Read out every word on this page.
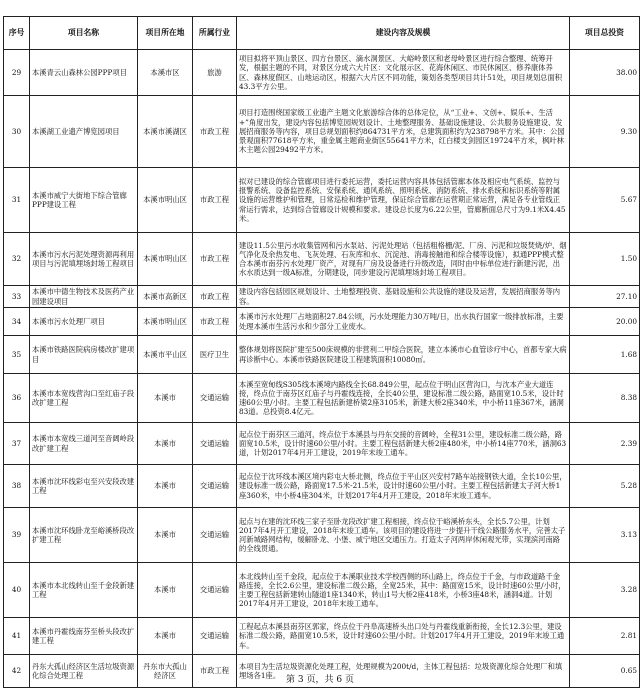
序号	项目名称	项目所在地	所属行业	建设内容及规模	项目总投资
29	本溪青云山森林公园PPP项目	本溪市区	旅游	项目拟将平顶山景区、四方台景区、滴水洞景区、大峪岭景区和老母岭景区进行综合整理、统筹开发，根据主题的不同，对景区分成六大片区：文化展示区、花海休闲区、市民休闲区、修养康体养区、森林度假区、山地运动区，根据六大片区不同功能，策划各类型项目共计51处，项目规划总面积43.3平方公里。	38.00
30	本溪湖工业遗产博览园项目	本溪市溪湖区	市政工程	项目打造围绕国家级工业遗产主题文化旅游综合体的总体定位，从“工业+、文创+、娱乐+、生活+”角度出发，建设内容包括博览园规划设计、土地整理服务、基础设施建设、公共服务设施建设、发展招商服务等内容，项目总规划面积约864731平方米，总建筑面积约为238798平方米。其中：公园景观面积77618平方米，重金属主题商业街区55641平方米，红白楼支剑园区19724平方米，枫叶林木主题公园29492平方米。	9.30
31	本溪市威宁大街地下综合管廊PPP建设工程	本溪市明山区	市政工程	拟对已建设的综合管廊项目进行委托运营，委托运营内容具体包括管廊本体及相应电气系统、监控与报警系统、设备监控系统、安保系统、通风系统、照明系统、消防系统、排水系统和标识系统等附属设施的运营维护和管理，日常巡检和维护管理，保证综合管廊在运营期正常运营，满足各专业管线正常运行需求，达到综合管廊设计规模和要求。建设总长度为6.22公里，管廊断面总尺寸为9.1米X4.45米。	5.67
32	本溪市污水污泥处理资源再利用项目与污泥填埋场封场工程项目	本溪市明山区	市政工程	建设11.5公里污水收集管网和污水泵站、污泥处理站（包括粗格栅/泥、厂房、污泥和垃圾焚烧/炉、烟气净化及余热发电、飞灰处理、石灰库和水、沉淀池、消毒接触池和综合楼等设施），拟通PPP模式整合本溪市南芬污水处理厂资产，对现有厂房及设备进行升级改造，同时由中标单位进行新建污泥，出水水质达到一级A标准，分期建设，同步建设污泥填埋场封场工程项目。	1.50
33	本溪市中德生物技术及医药产业园建设项目	本溪市高新区	市政工程	建设内容包括园区规划设计、土地整理投资、基础设施和公共设施的建设及运营，发展招商服务等内容。	27.10
34	本溪市污水处理厂项目	本溪市明山区	市政工程	本溪市污水处理厂占地面积27.84公顷，污水处理能力30万吨/日，出水执行国家一级排放标准，主要处理本溪市生活污水和少部分工业废水。	20.00
35	本溪市铁路医院病房楼改扩建项目	本溪市平山区	医疗卫生	整体规划将医院扩建至500床规模的非营利二甲综合医院，建立本溪市心血管诊疗中心，首都专家大病再诊断中心。本溪市铁路医院建设工程建筑面积10080㎡。	1.68
36	本溪市本宽线营沟口至红庙子段改扩建工程	本溪市	交通运输	本溪至宽甸线S305线本溪境内路线全长68.849公里，起点位于明山区营沟口，与沈本产业大道连接，终点位于南芬区红庙子与丹霍线连接，全长40公里，建设标准二级公路，路面宽10.5米，设计时速60公里/小时。主要工程包括新建桥梁2座3105米，新建大桥2座340米，中小桥11座367米，涵洞83道。总投资8.4亿元。	8.38
37	本溪市本宽线三道河至音阔岭段改扩建工程	本溪市	交通运输	起点位于南芬区三道河，终点位于本溪县与丹东交接的音阔岭，全程31公里，建设标准二级公路，路面宽10.5米，设计时速60公里/小时。主要工程包括新建大桥2座480米，中小桥14座770米，涵洞63道，计划2017年4月开工建设，2019年末竣工通车。	2.39
38	本溪市沈环线彩屯至兴安段改建工程	本溪市	交通运输	起点位于沈环线本溪区境内彩屯大桥北侧，终点位于平山区兴安村7路车站接钢铁大道，全长10公里，建设标准一级公路，路面宽17.5米-21.5米，设计时速60公里/小时。主要工程包括新建太子河大桥1座360米，中小桥4座304米，计划2017年4月开工建设，2018年末竣工通车。	5.28
39	本溪市沈环线卧龙至峪溪桥段改扩建工程	本溪市	交通运输	起点与在建的沈环线三家子至卧龙段改扩建工程相接，终点位于峪溪桥东头，全长5.7公里，计划2017年4月开工建设，2018年末竣工通车。该项目的建设将进一步提升干线公路服务水平，完善太子河新城路网结构，缓解卧龙、小堡、威宁地区交通压力。打造太子河两岸休闲观光带，实现滨河南路的全线贯通。	3.13
40	本溪市本北线转山至千金段新建工程	本溪市	交通运输	本北线转山至千金段，起点位于本溪职业技术学校西侧的环山路上，终点位于千金，与市政道路千金路连接，全长2.6公里，建设标准二级公路，全宽25米，其中：路面宽15米，设计时速60公里/小时，主要工程包括新建转山隧道1座1340米，转山1号大桥2座418米，小桥3座48米，涵洞4道。计划2017年4月开工建设，2018年末竣工通车。	3.28
41	本溪市丹霍线南芬至桥头段改扩建工程	本溪市	交通运输	工程起点本溪县南芬区郭家，终点位于丹阜高速桥头出口处与丹霍线重新衔接，全长12.3公里，建设标准二级公路，路面宽10.5米，设计时速60公里/小时。计划2017年4月开工建设，2019年末竣工通车。	2.81
42	丹东大孤山经济区生活垃圾资源化综合处理工程	丹东市大孤山经济区	市政工程	本项目为生活垃圾资源化处理工程，处理规模为200t/d，主体工程包括：垃圾资源化综合处理厂和填埋场各1座。	0.65
第 3 页，共 6 页
